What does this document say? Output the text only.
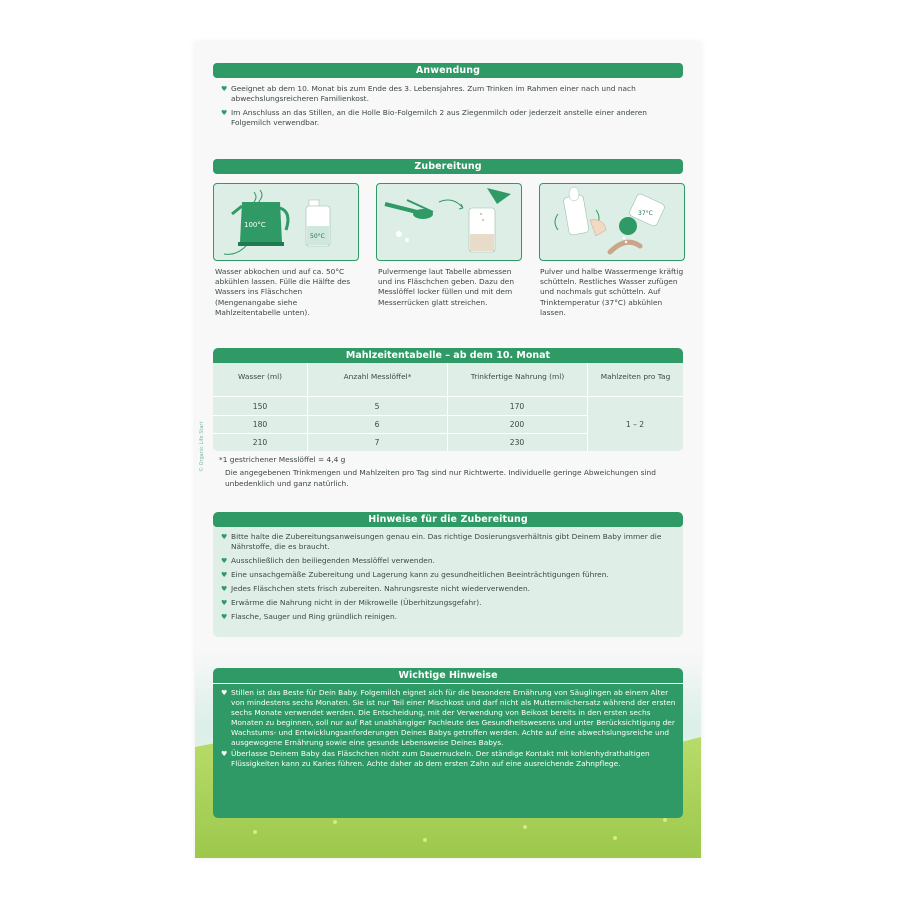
© Organic Life Start
Anwendung
♥ Geeignet ab dem 10. Monat bis zum Ende des 3. Lebensjahres. Zum Trinken im Rahmen einer nach und nach abwechslungsreicheren Familienkost.
♥ Im Anschluss an das Stillen, an die Holle Bio-Folgemilch 2 aus Ziegenmilch oder jederzeit anstelle einer anderen Folgemilch verwendbar.
Zubereitung
100°C
50°C
Wasser abkochen und auf ca. 50°C abkühlen lassen. Fülle die Hälfte des Wassers ins Fläschchen (Mengenangabe siehe Mahlzeitentabelle unten).
Pulvermenge laut Tabelle abmessen und ins Fläschchen geben. Dazu den Messlöffel locker füllen und mit dem Messerrücken glatt streichen.
37°C
Pulver und halbe Wassermenge kräftig schütteln. Restliches Wasser zufügen und nochmals gut schütteln. Auf Trinktemperatur (37°C) abkühlen lassen.
Mahlzeitentabelle – ab dem 10. Monat
Wasser (ml)	Anzahl Messlöffel*	Trinkfertige Nahrung (ml)	Mahlzeiten pro Tag
150	5	170
180	6	200
210	7	230
1 – 2
*1 gestrichener Messlöffel = 4,4 g
Die angegebenen Trinkmengen und Mahlzeiten pro Tag sind nur Richtwerte. Individuelle geringe Abweichungen sind unbedenklich und ganz natürlich.
Hinweise für die Zubereitung
♥ Bitte halte die Zubereitungsanweisungen genau ein. Das richtige Dosierungsverhältnis gibt Deinem Baby immer die Nährstoffe, die es braucht.
♥ Ausschließlich den beiliegenden Messlöffel verwenden.
♥ Eine unsachgemäße Zubereitung und Lagerung kann zu gesundheitlichen Beeinträchtigungen führen.
♥ Jedes Fläschchen stets frisch zubereiten. Nahrungsreste nicht wiederverwenden.
♥ Erwärme die Nahrung nicht in der Mikrowelle (Überhitzungsgefahr).
♥ Flasche, Sauger und Ring gründlich reinigen.
Wichtige Hinweise
♥ Stillen ist das Beste für Dein Baby. Folgemilch eignet sich für die besondere Ernährung von Säuglingen ab einem Alter von mindestens sechs Monaten. Sie ist nur Teil einer Mischkost und darf nicht als Muttermilchersatz während der ersten sechs Monate verwendet werden. Die Entscheidung, mit der Verwendung von Beikost bereits in den ersten sechs Monaten zu beginnen, soll nur auf Rat unabhängiger Fachleute des Gesundheitswesens und unter Berücksichtigung der Wachstums- und Entwicklungsanforderungen Deines Babys getroffen werden. Achte auf eine abwechslungsreiche und ausgewogene Ernährung sowie eine gesunde Lebensweise Deines Babys.
♥ Überlasse Deinem Baby das Fläschchen nicht zum Dauernuckeln. Der ständige Kontakt mit kohlenhydrathaltigen Flüssigkeiten kann zu Karies führen. Achte daher ab dem ersten Zahn auf eine ausreichende Zahnpflege.
